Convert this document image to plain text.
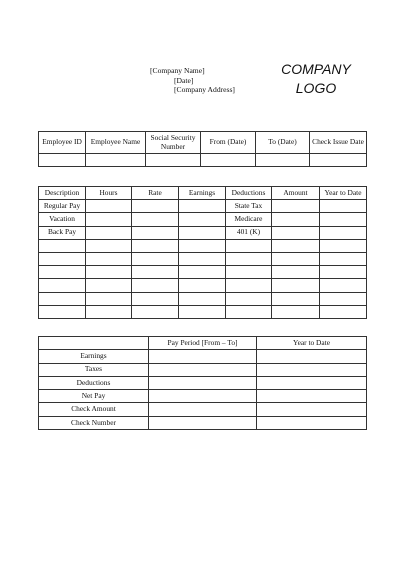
[Company Name]
[Date]
[Company Address]
COMPANY
LOGO
Employee ID	Employee Name	Social Security Number	From (Date)	To (Date)	Check Issue Date

Description	Hours	Rate	Earnings	Deductions	Amount	Year to Date
Regular Pay				State Tax		
Vacation				Medicare		
Back Pay				401 (K)		

	Pay Period [From – To]	Year to Date
Earnings		
Taxes		
Deductions		
Net Pay		
Check Amount		
Check Number		
